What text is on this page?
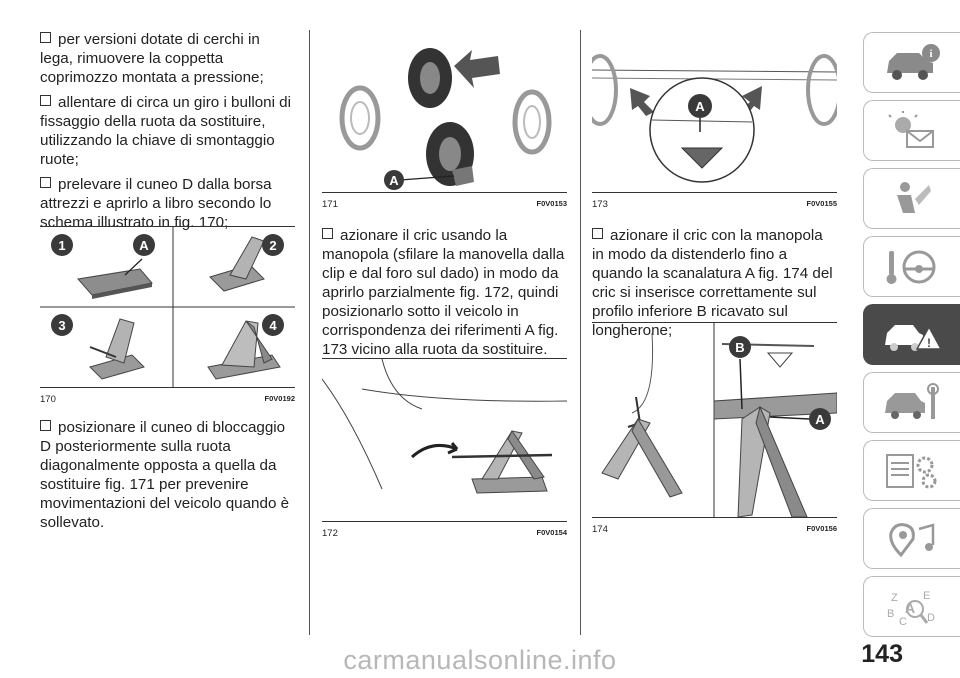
per versioni dotate di cerchi in lega, rimuovere la coppetta coprimozzo montata a pressione;

allentare di circa un giro i bulloni di fissaggio della ruota da sostituire, utilizzando la chiave di smontaggio ruote;

prelevare il cuneo D dalla borsa attrezzi e aprirlo a libro secondo lo schema illustrato in fig. 170;

1	A	2
3	4
170	F0V0192

posizionare il cuneo di bloccaggio D posteriormente sulla ruota diagonalmente opposta a quella da sostituire fig. 171 per prevenire movimentazioni del veicolo quando è sollevato.

A
171	F0V0153

azionare il cric usando la manopola (sfilare la manovella dalla clip e dal foro sul dado) in modo da aprirlo parzialmente fig. 172, quindi posizionarlo sotto il veicolo in corrispondenza dei riferimenti A fig. 173 vicino alla ruota da sostituire.

172	F0V0154
A
173	F0V0155

azionare il cric con la manopola in modo da distenderlo fino a quando la scanalatura A fig. 174 del cric si inserisce correttamente sul profilo inferiore B ricavato sul longherone;

B
A
174	F0V0156
i
!
Z E
B A
C D
143
carmanualsonline.info
